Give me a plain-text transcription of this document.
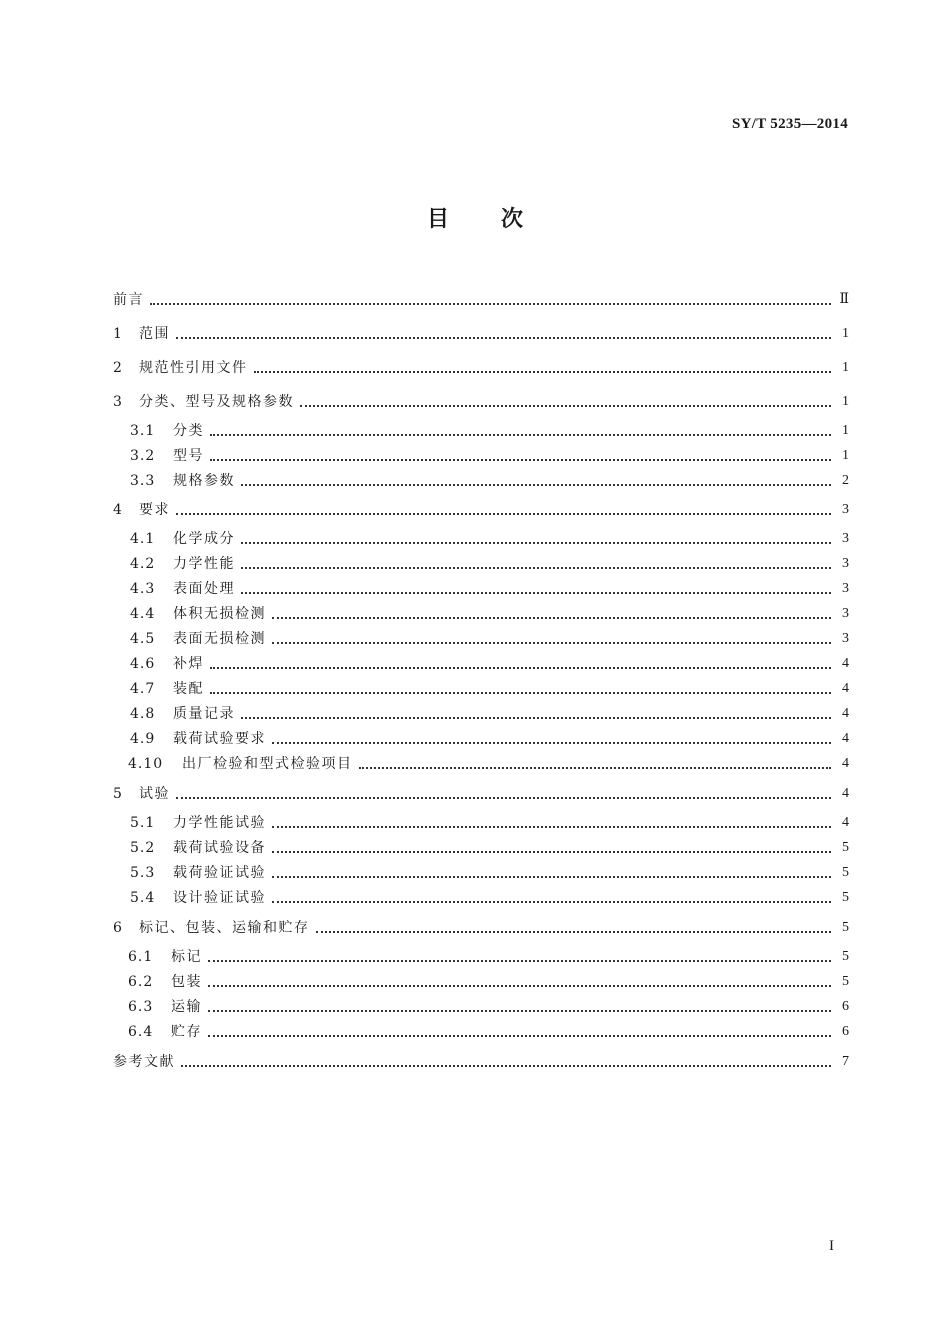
SY/T 5235—2014
目 次
前言	Ⅱ
1	范围	1
2	规范性引用文件	1
3	分类、型号及规格参数	1
3.1	分类	1
3.2	型号	1
3.3	规格参数	2
4	要求	3
4.1	化学成分	3
4.2	力学性能	3
4.3	表面处理	3
4.4	体积无损检测	3
4.5	表面无损检测	3
4.6	补焊	4
4.7	装配	4
4.8	质量记录	4
4.9	载荷试验要求	4
4.10	出厂检验和型式检验项目	4
5	试验	4
5.1	力学性能试验	4
5.2	载荷试验设备	5
5.3	载荷验证试验	5
5.4	设计验证试验	5
6	标记、包装、运输和贮存	5
6.1	标记	5
6.2	包装	5
6.3	运输	6
6.4	贮存	6
参考文献	7
I
